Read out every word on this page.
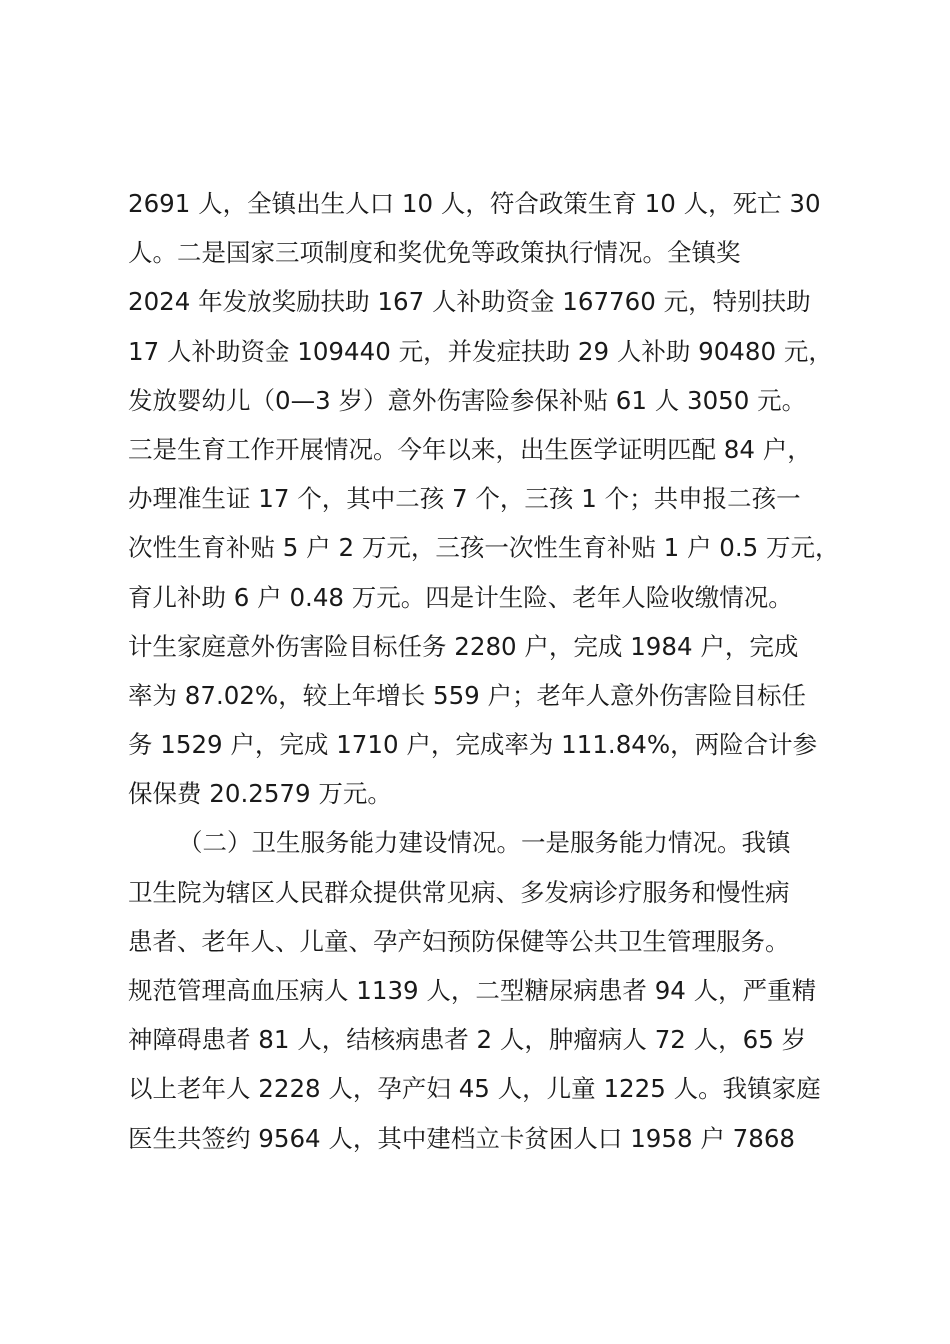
2691 人，全镇出生人口 10 人，符合政策生育 10 人，死亡 30
人。二是国家三项制度和奖优免等政策执行情况。全镇奖
2024 年发放奖励扶助 167 人补助资金 167760 元，特别扶助
17 人补助资金 109440 元，并发症扶助 29 人补助 90480 元，
发放婴幼儿（0—3 岁）意外伤害险参保补贴 61 人 3050 元。
三是生育工作开展情况。今年以来，出生医学证明匹配 84 户，
办理准生证 17 个，其中二孩 7 个，三孩 1 个；共申报二孩一
次性生育补贴 5 户 2 万元，三孩一次性生育补贴 1 户 0.5 万元，
育儿补助 6 户 0.48 万元。四是计生险、老年人险收缴情况。
计生家庭意外伤害险目标任务 2280 户，完成 1984 户，完成
率为 87.02%，较上年增长 559 户；老年人意外伤害险目标任
务 1529 户，完成 1710 户，完成率为 111.84%，两险合计参
保保费 20.2579 万元。
（二）卫生服务能力建设情况。一是服务能力情况。我镇
卫生院为辖区人民群众提供常见病、多发病诊疗服务和慢性病
患者、老年人、儿童、孕产妇预防保健等公共卫生管理服务。
规范管理高血压病人 1139 人，二型糖尿病患者 94 人，严重精
神障碍患者 81 人，结核病患者 2 人，肿瘤病人 72 人，65 岁
以上老年人 2228 人，孕产妇 45 人，儿童 1225 人。我镇家庭
医生共签约 9564 人，其中建档立卡贫困人口 1958 户 7868
